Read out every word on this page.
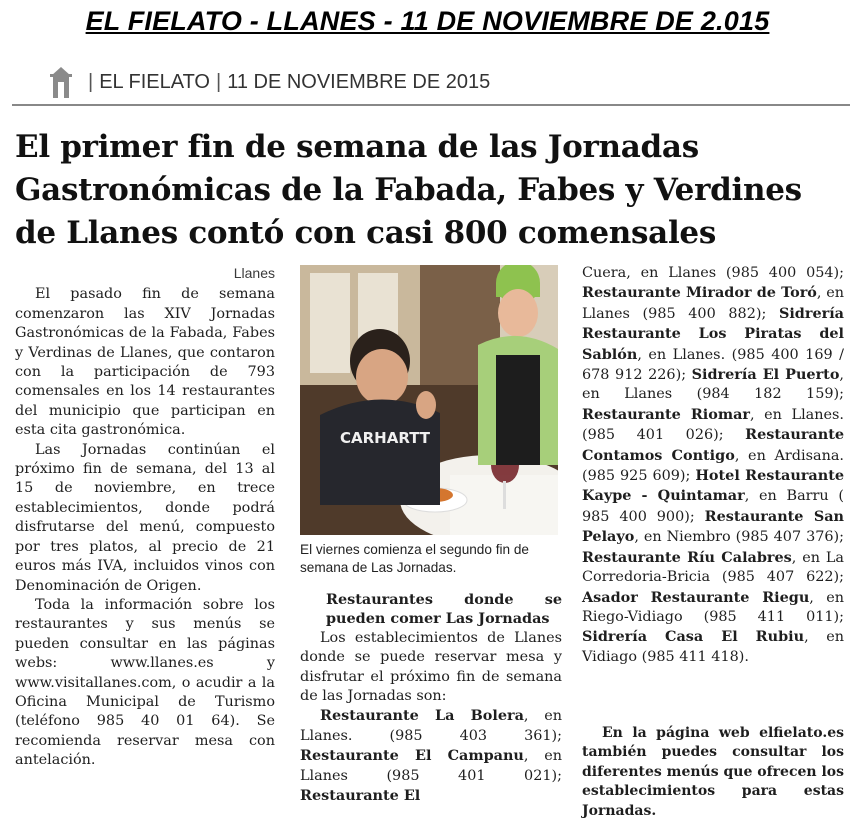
EL FIELATO - LLANES - 11 DE NOVIEMBRE DE 2.015
| EL FIELATO | 11 DE NOVIEMBRE DE 2015
El primer fin de semana de las Jornadas Gastronómicas de la Fabada, Fabes y Verdines de Llanes contó con casi 800 comensales
Llanes

El pasado fin de semana comenzaron las XIV Jornadas Gastronómicas de la Fabada, Fabes y Verdinas de Llanes, que contaron con la participación de 793 comensales en los 14 restaurantes del municipio que participan en esta cita gastronómica.

Las Jornadas continúan el próximo fin de semana, del 13 al 15 de noviembre, en trece establecimientos, donde podrá disfrutarse del menú, compuesto por tres platos, al precio de 21 euros más IVA, incluidos vinos con Denominación de Origen.

Toda la información sobre los restaurantes y sus menús se pueden consultar en las páginas webs: www.llanes.es y www.visitallanes.com, o acudir a la Oficina Municipal de Turismo (teléfono 985 40 01 64). Se recomienda reservar mesa con antelación.

CARHARTT
El viernes comienza el segundo fin de semana de Las Jornadas.

Restaurantes donde se pueden comer Las Jornadas

Los establecimientos de Llanes donde se puede reservar mesa y disfrutar el próximo fin de semana de las Jornadas son:

Restaurante La Bolera, en Llanes. (985 403 361); Restaurante El Campanu, en Llanes (985 401 021); Restaurante El

Cuera, en Llanes (985 400 054); Restaurante Mirador de Toró, en Llanes (985 400 882); Sidrería Restaurante Los Piratas del Sablón, en Llanes. (985 400 169 / 678 912 226); Sidrería El Puerto, en Llanes (984 182 159); Restaurante Riomar, en Llanes. (985 401 026); Restaurante Contamos Contigo, en Ardisana. (985 925 609); Hotel Restaurante Kaype - Quintamar, en Barru ( 985 400 900); Restaurante San Pelayo, en Niembro (985 407 376); Restaurante Ríu Calabres, en La Corredoria-Bricia (985 407 622); Asador Restaurante Riegu, en Riego-Vidiago (985 411 011); Sidrería Casa El Rubiu, en Vidiago (985 411 418).

En la página web elfielato.es también puedes consultar los diferentes menús que ofrecen los establecimientos para estas Jornadas.
